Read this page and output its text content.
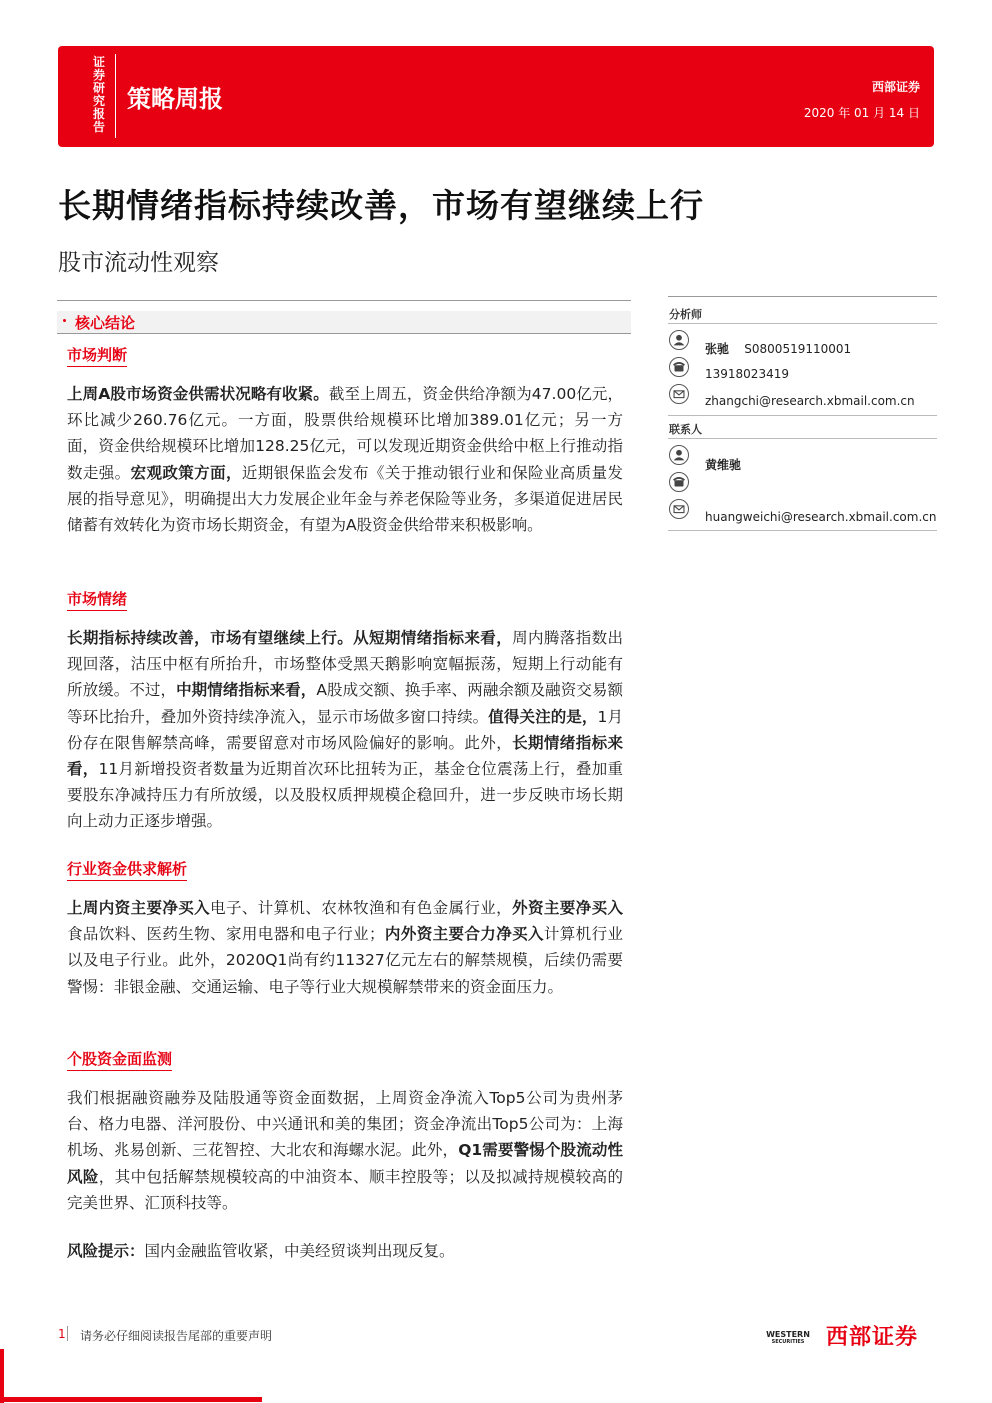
证券研究报告
策略周报	西部证券
2020 年 01 月 14 日
长期情绪指标持续改善，市场有望继续上行
股市流动性观察
核心结论
市场判断
上周A股市场资金供需状况略有收紧。截至上周五，资金供给净额为47.00亿元，环比减少260.76亿元。一方面，股票供给规模环比增加389.01亿元；另一方面，资金供给规模环比增加128.25亿元，可以发现近期资金供给中枢上行推动指数走强。宏观政策方面，近期银保监会发布《关于推动银行业和保险业高质量发展的指导意见》，明确提出大力发展企业年金与养老保险等业务，多渠道促进居民储蓄有效转化为资市场长期资金，有望为A股资金供给带来积极影响。
市场情绪
长期指标持续改善，市场有望继续上行。从短期情绪指标来看，周内腾落指数出现回落，沽压中枢有所抬升，市场整体受黑天鹅影响宽幅振荡，短期上行动能有所放缓。不过，中期情绪指标来看，A股成交额、换手率、两融余额及融资交易额等环比抬升，叠加外资持续净流入，显示市场做多窗口持续。值得关注的是，1月份存在限售解禁高峰，需要留意对市场风险偏好的影响。此外，长期情绪指标来看，11月新增投资者数量为近期首次环比扭转为正，基金仓位震荡上行，叠加重要股东净减持压力有所放缓，以及股权质押规模企稳回升，进一步反映市场长期向上动力正逐步增强。
行业资金供求解析
上周内资主要净买入电子、计算机、农林牧渔和有色金属行业，外资主要净买入食品饮料、医药生物、家用电器和电子行业；内外资主要合力净买入计算机行业以及电子行业。此外，2020Q1尚有约11327亿元左右的解禁规模，后续仍需要警惕：非银金融、交通运输、电子等行业大规模解禁带来的资金面压力。
个股资金面监测
我们根据融资融券及陆股通等资金面数据，上周资金净流入Top5公司为贵州茅台、格力电器、洋河股份、中兴通讯和美的集团；资金净流出Top5公司为：上海机场、兆易创新、三花智控、大北农和海螺水泥。此外，Q1需要警惕个股流动性风险，其中包括解禁规模较高的中油资本、顺丰控股等；以及拟减持规模较高的完美世界、汇顶科技等。
风险提示：国内金融监管收紧，中美经贸谈判出现反复。
分析师
张驰 S0800519110001
13918023419
zhangchi@research.xbmail.com.cn
联系人
黄维驰
huangweichi@research.xbmail.com.cn
1 请务必仔细阅读报告尾部的重要声明	WESTERN
SECURITIES 西部证券
